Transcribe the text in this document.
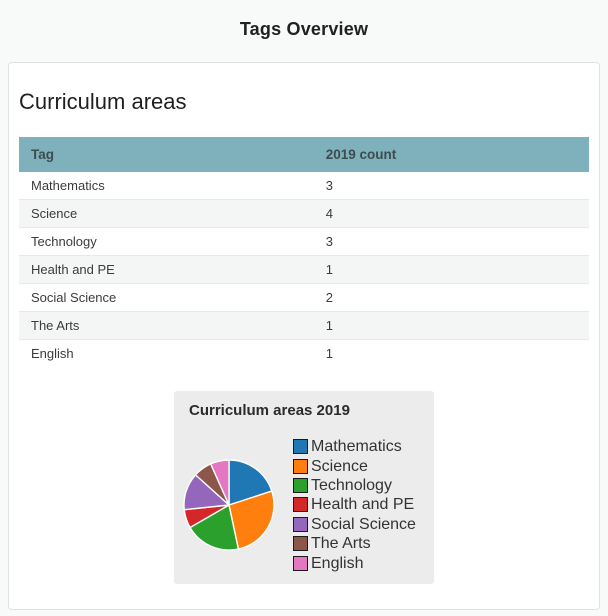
Tags Overview
Curriculum areas
Tag	2019 count
Mathematics	3
Science	4
Technology	3
Health and PE	1
Social Science	2
The Arts	1
English	1
Curriculum areas 2019
Mathematics
Science
Technology
Health and PE
Social Science
The Arts
English
